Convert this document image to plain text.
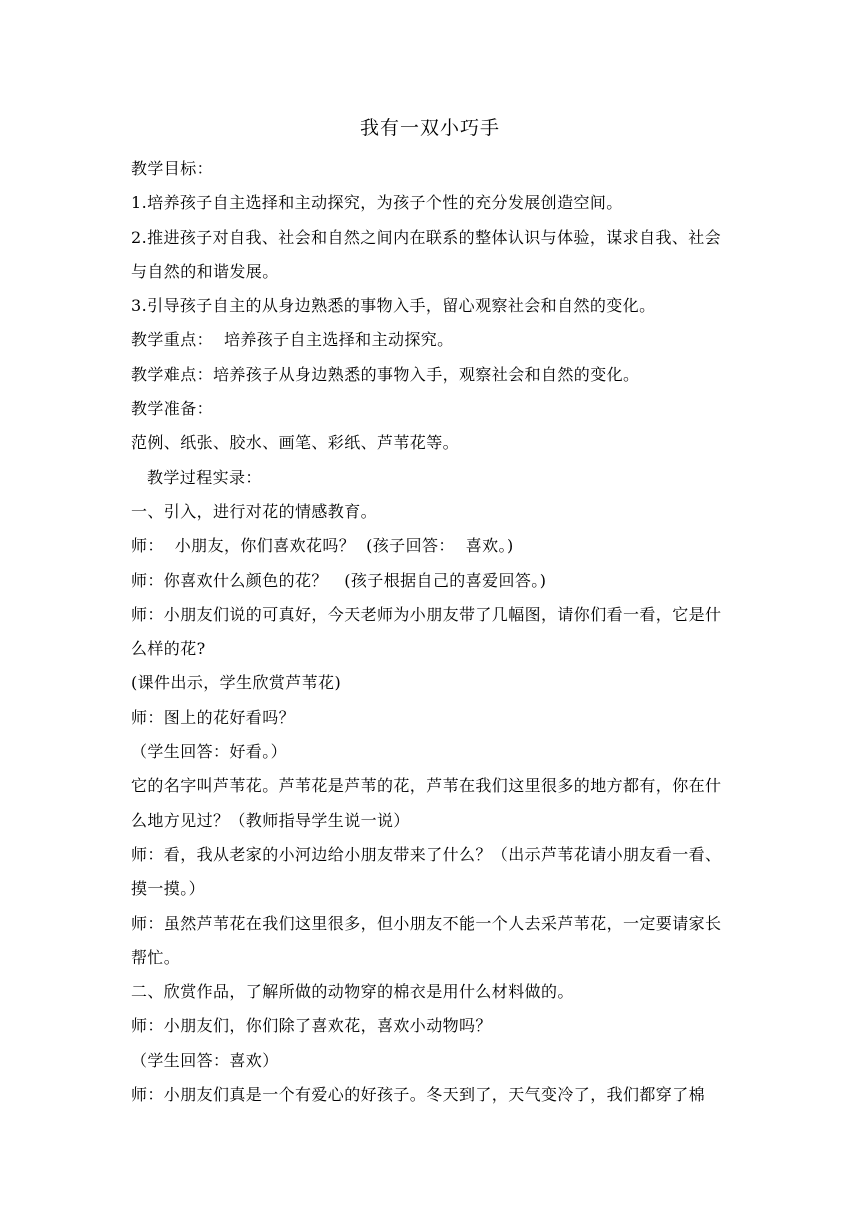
我有一双小巧手

教学目标：

1.培养孩子自主选择和主动探究，为孩子个性的充分发展创造空间。

2.推进孩子对自我、社会和自然之间内在联系的整体认识与体验，谋求自我、社会与自然的和谐发展。

3.引导孩子自主的从身边熟悉的事物入手，留心观察社会和自然的变化。

教学重点：  培养孩子自主选择和主动探究。

教学难点：培养孩子从身边熟悉的事物入手，观察社会和自然的变化。

教学准备：

范例、纸张、胶水、画笔、彩纸、芦苇花等。

教学过程实录：

一、引入，进行对花的情感教育。

师：  小朋友，你们喜欢花吗？  (孩子回答：  喜欢。)

师：你喜欢什么颜色的花？   (孩子根据自己的喜爱回答。)

师：小朋友们说的可真好，今天老师为小朋友带了几幅图，请你们看一看，它是什么样的花?

(课件出示，学生欣赏芦苇花)

师：图上的花好看吗？

（学生回答：好看。）

它的名字叫芦苇花。芦苇花是芦苇的花，芦苇在我们这里很多的地方都有，你在什么地方见过？（教师指导学生说一说）

师：看，我从老家的小河边给小朋友带来了什么？（出示芦苇花请小朋友看一看、摸一摸。）

师：虽然芦苇花在我们这里很多，但小朋友不能一个人去采芦苇花，一定要请家长帮忙。

二、欣赏作品，了解所做的动物穿的棉衣是用什么材料做的。

师：小朋友们，你们除了喜欢花，喜欢小动物吗？

（学生回答：喜欢）

师：小朋友们真是一个有爱心的好孩子。冬天到了，天气变冷了，我们都穿了棉
